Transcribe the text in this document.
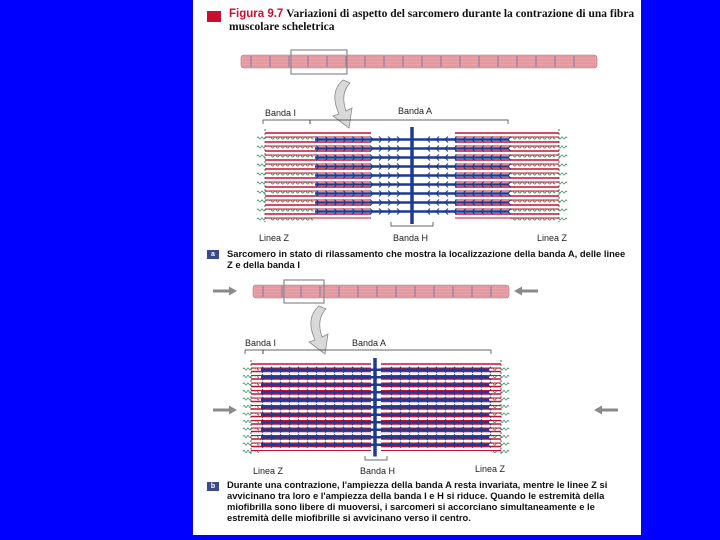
Figura 9.7 Variazioni di aspetto del sarcomero durante la contrazione di una fibra muscolare scheletrica
Banda I	Banda A
Linea Z	Banda H	Linea Z
a	Sarcomero in stato di rilassamento che mostra la localizzazione della banda A, delle linee Z e della banda I
Banda I	Banda A
Linea Z	Banda H	Linea Z
b	Durante una contrazione, l'ampiezza della banda A resta invariata, mentre le linee Z si avvicinano tra loro e l'ampiezza della banda I e H si riduce. Quando le estremità della miofibrilla sono libere di muoversi, i sarcomeri si accorciano simultaneamente e le estremità delle miofibrille si avvicinano verso il centro.
